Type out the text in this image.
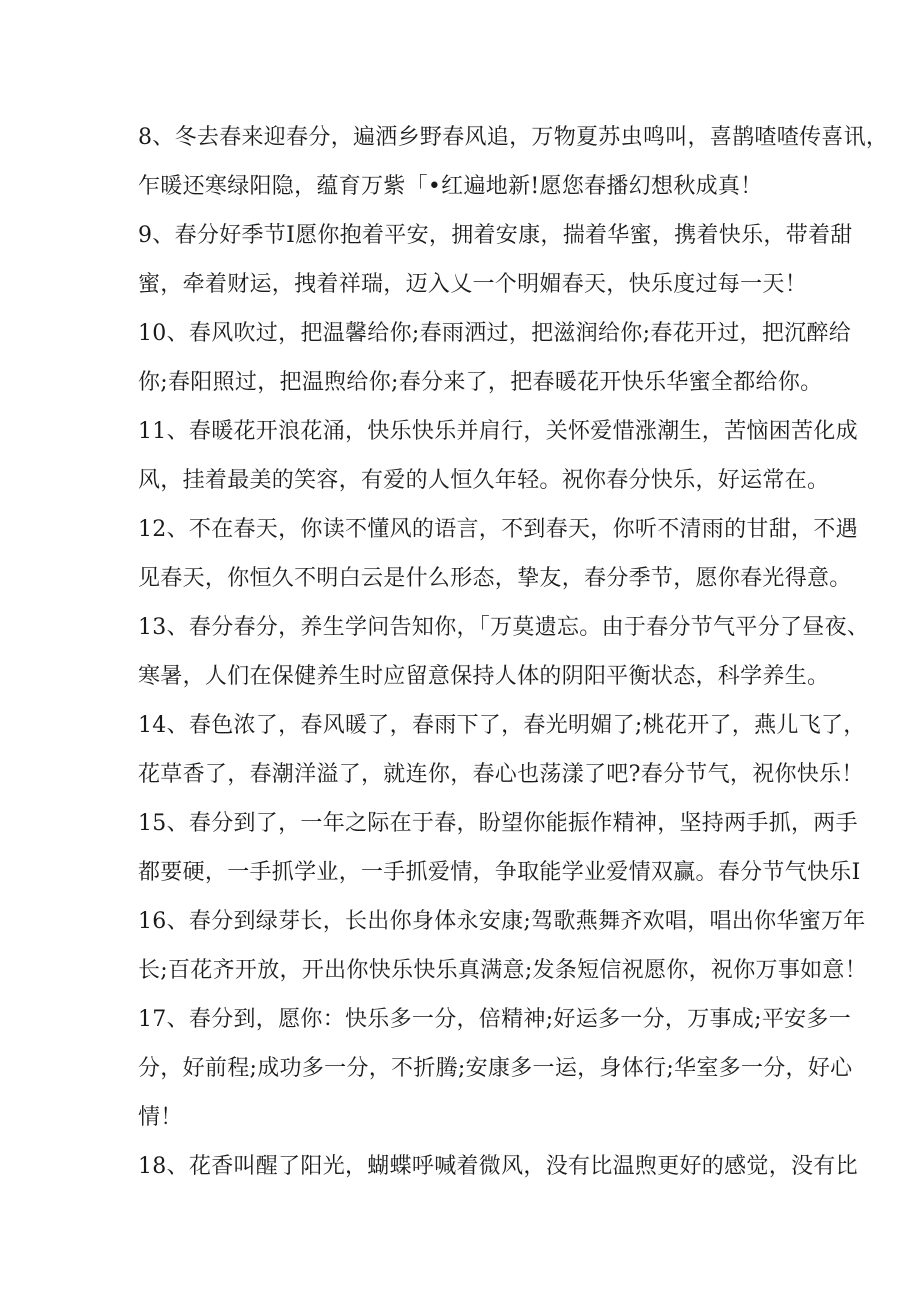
8、冬去春来迎春分，遍洒乡野春风追，万物夏苏虫鸣叫，喜鹊喳喳传喜讯，
乍暖还寒绿阳隐，蕴育万紫「•红遍地新!愿您春播幻想秋成真！
9、春分好季节I愿你抱着平安，拥着安康，揣着华蜜，携着快乐，带着甜
蜜，牵着财运，拽着祥瑞，迈入乂一个明媚春天，快乐度过每一天！
10、春风吹过，把温馨给你;春雨洒过，把滋润给你;春花开过，把沉醉给
你;春阳照过，把温煦给你;春分来了，把春暖花开快乐华蜜全都给你。
11、春暖花开浪花涌，快乐快乐并肩行，关怀爱惜涨潮生，苦恼困苦化成
风，挂着最美的笑容，有爱的人恒久年轻。祝你春分快乐，好运常在。
12、不在春天，你读不懂风的语言，不到春天，你听不清雨的甘甜，不遇
见春天，你恒久不明白云是什么形态，挚友，春分季节，愿你春光得意。
13、春分春分，养生学问告知你，「万莫遗忘。由于春分节气平分了昼夜、
寒暑，人们在保健养生时应留意保持人体的阴阳平衡状态，科学养生。
14、春色浓了，春风暖了，春雨下了，春光明媚了;桃花开了，燕儿飞了，
花草香了，春潮洋溢了，就连你，春心也荡漾了吧?春分节气，祝你快乐！
15、春分到了，一年之际在于春，盼望你能振作精神，坚持两手抓，两手
都要硬，一手抓学业，一手抓爱情，争取能学业爱情双赢。春分节气快乐I
16、春分到绿芽长，长出你身体永安康;驾歌燕舞齐欢唱，唱出你华蜜万年
长;百花齐开放，开出你快乐快乐真满意;发条短信祝愿你，祝你万事如意！
17、春分到，愿你：快乐多一分，倍精神;好运多一分，万事成;平安多一
分，好前程;成功多一分，不折腾;安康多一运，身体行;华室多一分，好心
情！
18、花香叫醒了阳光，蝴蝶呼喊着微风，没有比温煦更好的感觉，没有比
